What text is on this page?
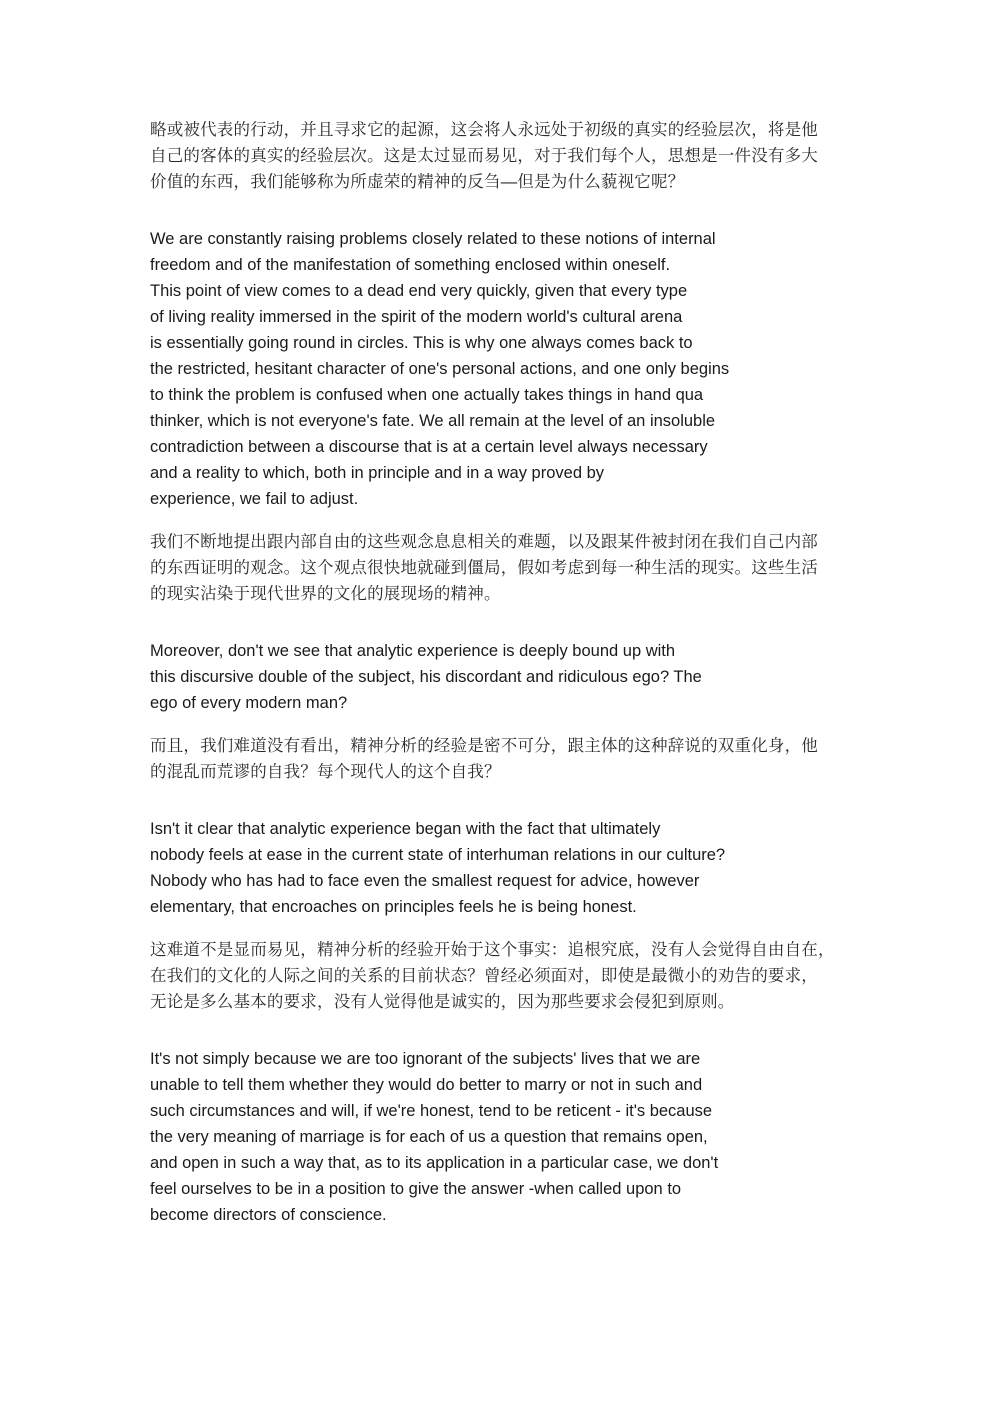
略或被代表的行动，并且寻求它的起源，这会将人永远处于初级的真实的经验层次，将是他
自己的客体的真实的经验层次。这是太过显而易见，对于我们每个人，思想是一件没有多大
价值的东西，我们能够称为所虚荣的精神的反刍—但是为什么藐视它呢？
We are constantly raising problems closely related to these notions of internal
freedom and of the manifestation of something enclosed within oneself.
This point of view comes to a dead end very quickly, given that every type
of living reality immersed in the spirit of the modern world's cultural arena
is essentially going round in circles. This is why one always comes back to
the restricted, hesitant character of one's personal actions, and one only begins
to think the problem is confused when one actually takes things in hand qua
thinker, which is not everyone's fate. We all remain at the level of an insoluble
contradiction between a discourse that is at a certain level always necessary
and a reality to which, both in principle and in a way proved by
experience, we fail to adjust.
我们不断地提出跟内部自由的这些观念息息相关的难题，以及跟某件被封闭在我们自己内部
的东西证明的观念。这个观点很快地就碰到僵局，假如考虑到每一种生活的现实。这些生活
的现实沾染于现代世界的文化的展现场的精神。
Moreover, don't we see that analytic experience is deeply bound up with
this discursive double of the subject, his discordant and ridiculous ego? The
ego of every modern man?
而且，我们难道没有看出，精神分析的经验是密不可分，跟主体的这种辞说的双重化身，他
的混乱而荒谬的自我？每个现代人的这个自我？
Isn't it clear that analytic experience began with the fact that ultimately
nobody feels at ease in the current state of interhuman relations in our culture?
Nobody who has had to face even the smallest request for advice, however
elementary, that encroaches on principles feels he is being honest.
这难道不是显而易见，精神分析的经验开始于这个事实：追根究底，没有人会觉得自由自在，
在我们的文化的人际之间的关系的目前状态？曾经必须面对，即使是最微小的劝告的要求，
无论是多么基本的要求，没有人觉得他是诚实的，因为那些要求会侵犯到原则。
It's not simply because we are too ignorant of the subjects' lives that we are
unable to tell them whether they would do better to marry or not in such and
such circumstances and will, if we're honest, tend to be reticent - it's because
the very meaning of marriage is for each of us a question that remains open,
and open in such a way that, as to its application in a particular case, we don't
feel ourselves to be in a position to give the answer -when called upon to
become directors of conscience.
